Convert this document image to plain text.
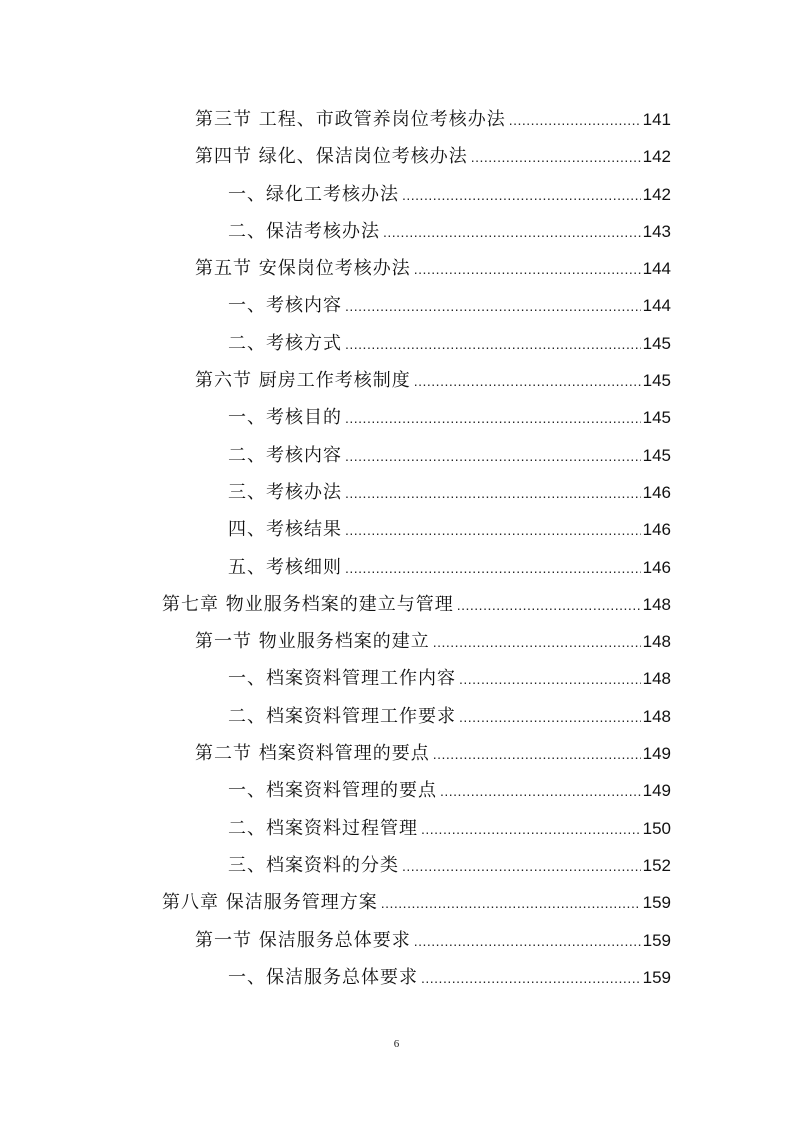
第三节 工程、市政管养岗位考核办法 .....	141
第四节 绿化、保洁岗位考核办法 .....	142
一、绿化工考核办法 .....	142
二、保洁考核办法 .....	143
第五节 安保岗位考核办法 .....	144
一、考核内容 .....	144
二、考核方式 .....	145
第六节 厨房工作考核制度 .....	145
一、考核目的 .....	145
二、考核内容 .....	145
三、考核办法 .....	146
四、考核结果 .....	146
五、考核细则 .....	146
第七章 物业服务档案的建立与管理 .....	148
第一节 物业服务档案的建立 .....	148
一、档案资料管理工作内容 .....	148
二、档案资料管理工作要求 .....	148
第二节 档案资料管理的要点 .....	149
一、档案资料管理的要点 .....	149
二、档案资料过程管理 .....	150
三、档案资料的分类 .....	152
第八章 保洁服务管理方案 .....	159
第一节 保洁服务总体要求 .....	159
一、保洁服务总体要求 .....	159
6
